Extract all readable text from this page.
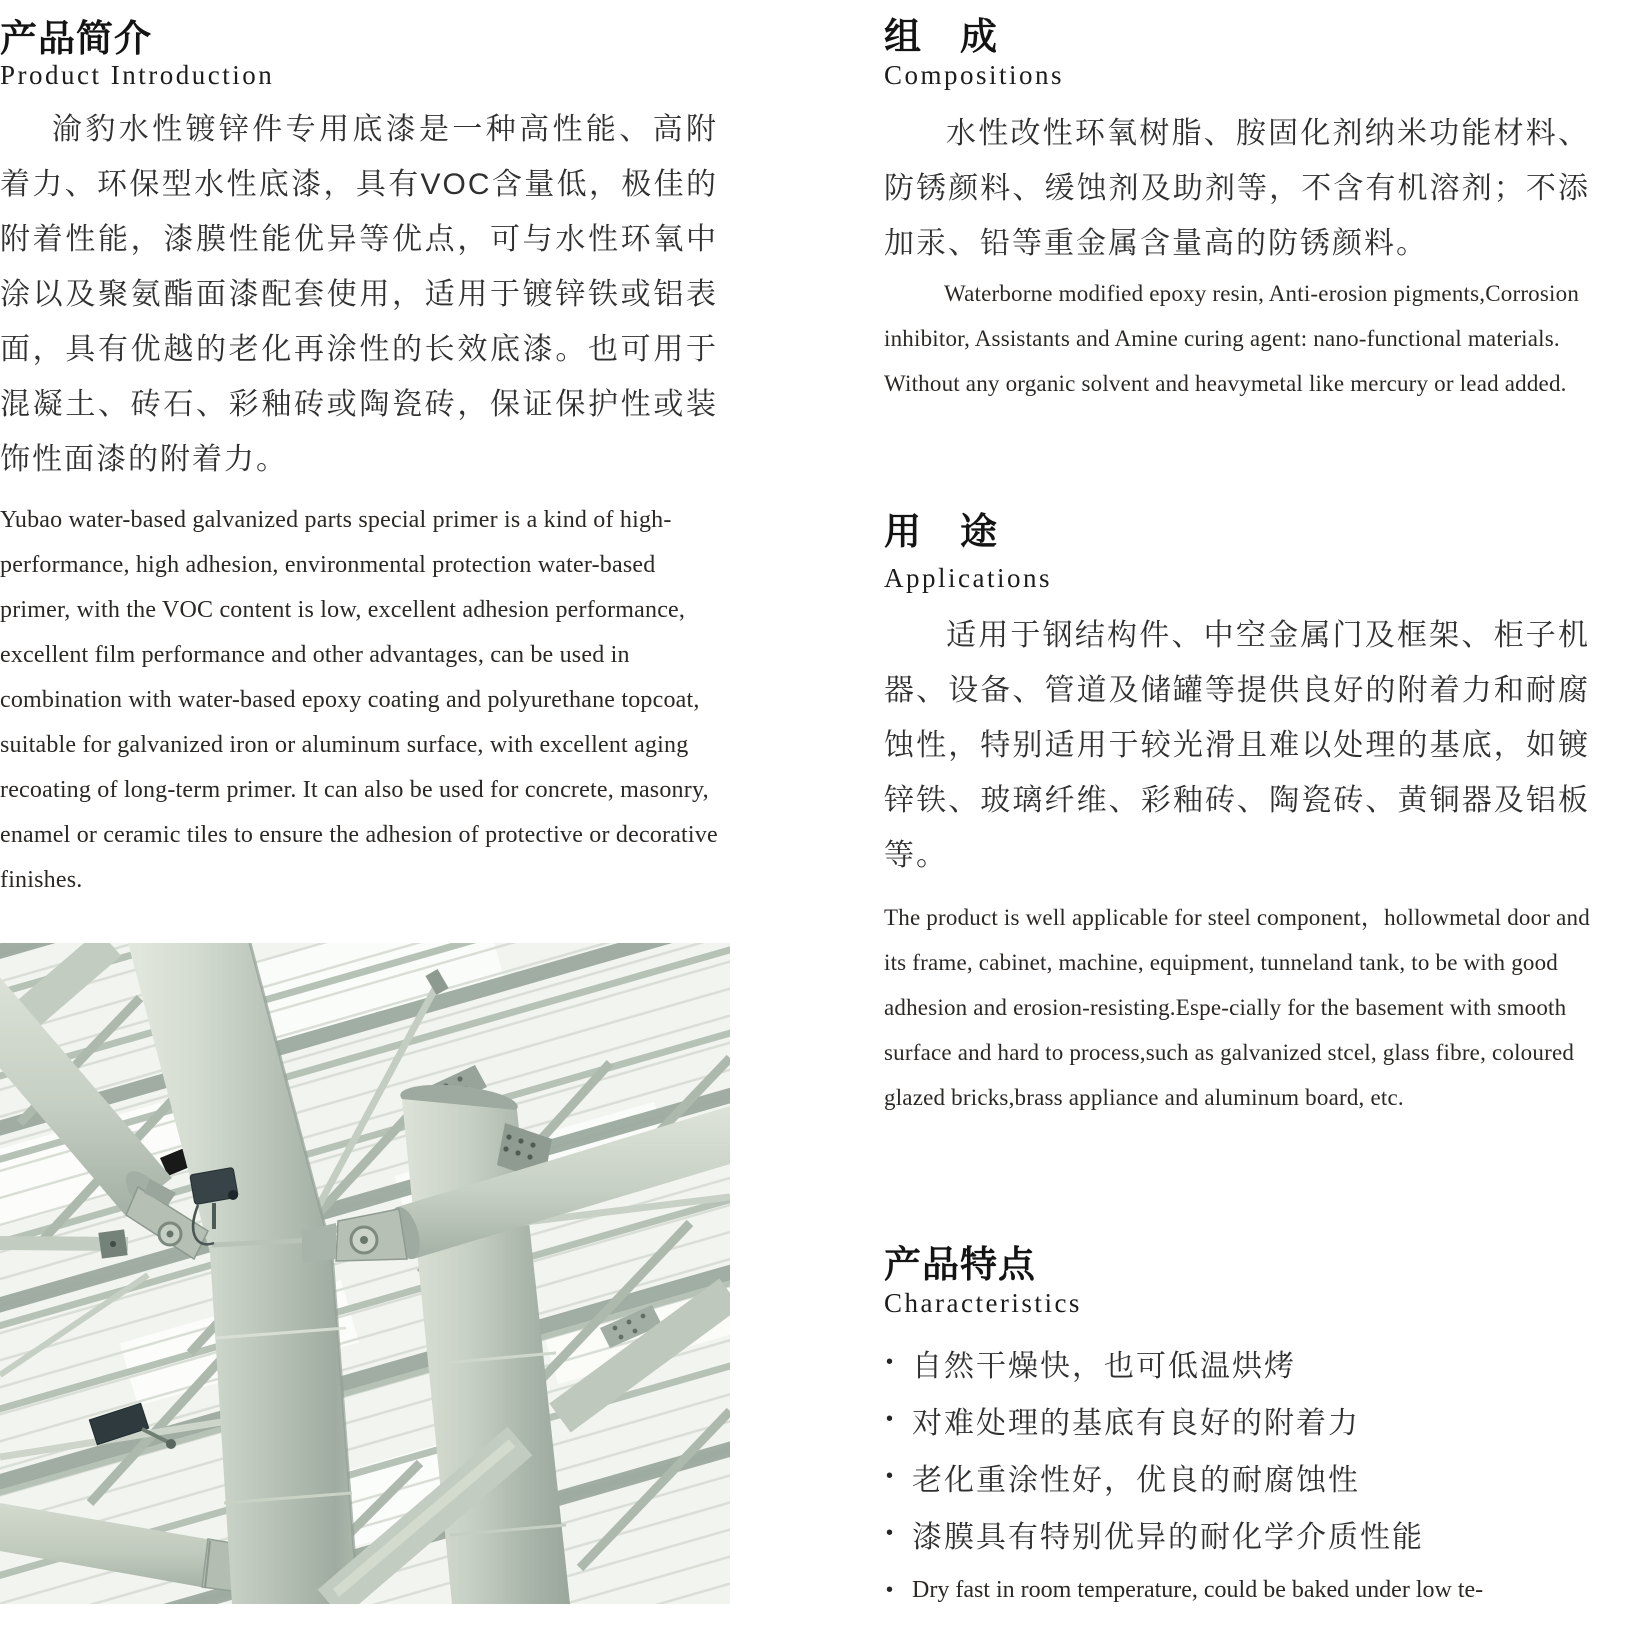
产品简介
Product Introduction

渝豹水性镀锌件专用底漆是一种高性能、高附着力、环保型水性底漆，具有VOC含量低，极佳的附着性能，漆膜性能优异等优点，可与水性环氧中涂以及聚氨酯面漆配套使用，适用于镀锌铁或铝表面，具有优越的老化再涂性的长效底漆。也可用于混凝土、砖石、彩釉砖或陶瓷砖，保证保护性或装饰性面漆的附着力。

Yubao water-based galvanized parts special primer is a kind of high-performance, high adhesion, environmental protection water-based primer, with the VOC content is low, excellent adhesion performance, excellent film performance and other advantages, can be used in combination with water-based epoxy coating and polyurethane topcoat, suitable for galvanized iron or aluminum surface, with excellent aging recoating of long-term primer. It can also be used for concrete, masonry, enamel or ceramic tiles to ensure the adhesion of protective or decorative finishes.

组　成
Compositions

水性改性环氧树脂、胺固化剂纳米功能材料、防锈颜料、缓蚀剂及助剂等，不含有机溶剂；不添加汞、铅等重金属含量高的防锈颜料。

Waterborne modified epoxy resin, Anti-erosion pigments,Corrosion inhibitor, Assistants and Amine curing agent: nano-functional materials. Without any organic solvent and heavymetal like mercury or lead added.

用　途
Applications

适用于钢结构件、中空金属门及框架、柜子机器、设备、管道及储罐等提供良好的附着力和耐腐蚀性，特别适用于较光滑且难以处理的基底，如镀锌铁、玻璃纤维、彩釉砖、陶瓷砖、黄铜器及铝板等。

The product is well applicable for steel component，hollowmetal door and its frame, cabinet, machine, equipment, tunneland tank, to be with good adhesion and erosion-resisting.Espe-cially for the basement with smooth surface and hard to process,such as galvanized stcel, glass fibre, coloured glazed bricks,brass appliance and aluminum board, etc.

产品特点
Characteristics
• 自然干燥快，也可低温烘烤
• 对难处理的基底有良好的附着力
• 老化重涂性好，优良的耐腐蚀性
• 漆膜具有特别优异的耐化学介质性能
• Dry fast in room temperature, could be baked under low te-
